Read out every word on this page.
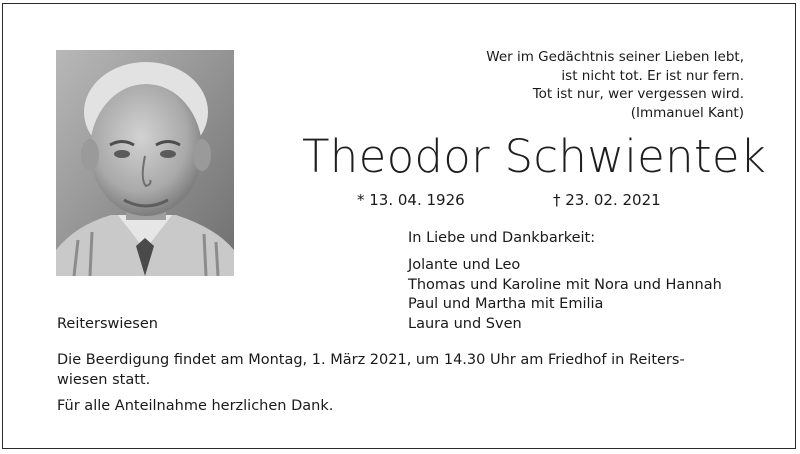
Wer im Gedächtnis seiner Lieben lebt,
ist nicht tot. Er ist nur fern.
Tot ist nur, wer vergessen wird.
(Immanuel Kant)
Theodor Schwientek
* 13. 04. 1926	† 23. 02. 2021
In Liebe und Dankbarkeit:
Jolante und Leo
Thomas und Karoline mit Nora und Hannah
Paul und Martha mit Emilia
Laura und Sven
Reiterswiesen
Die Beerdigung findet am Montag, 1. März 2021, um 14.30 Uhr am Friedhof in Reiters-
wiesen statt.
Für alle Anteilnahme herzlichen Dank.
